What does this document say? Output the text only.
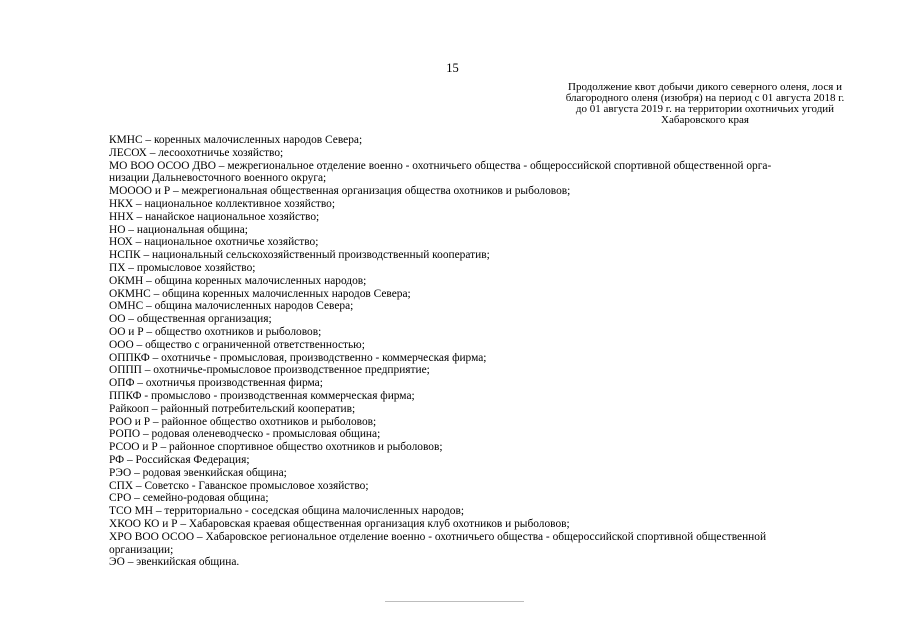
15
Продолжение квот добычи дикого северного оленя, лося и
благородного оленя (изюбря) на период с 01 августа 2018 г.
до 01 августа 2019 г. на территории охотничьих угодий
Хабаровского края
КМНС – коренных малочисленных народов Севера;
ЛЕСОХ – лесоохотничье хозяйство;
МО ВОО ОСОО ДВО – межрегиональное отделение военно - охотничьего общества - общероссийской спортивной общественной орга-
низации Дальневосточного военного округа;
МОООО и Р – межрегиональная общественная организация общества охотников и рыболовов;
НКХ – национальное коллективное хозяйство;
ННХ – нанайское национальное хозяйство;
НО – национальная община;
НОХ – национальное охотничье хозяйство;
НСПК – национальный сельскохозяйственный производственный кооператив;
ПХ – промысловое хозяйство;
ОКМН – община коренных малочисленных народов;
ОКМНС – община коренных малочисленных народов Севера;
ОМНС – община малочисленных народов Севера;
ОО – общественная организация;
ОО и Р – общество охотников и рыболовов;
ООО – общество с ограниченной ответственностью;
ОППКФ – охотничье - промысловая, производственно - коммерческая фирма;
ОППП – охотничье-промысловое производственное предприятие;
ОПФ – охотничья производственная фирма;
ППКФ - промыслово - производственная коммерческая фирма;
Райкооп – районный потребительский кооператив;
РОО и Р – районное общество охотников и рыболовов;
РОПО – родовая оленеводческо - промысловая община;
РСОО и Р – районное спортивное общество охотников и рыболовов;
РФ – Российская Федерация;
РЭО – родовая эвенкийская община;
СПХ – Советско - Гаванское промысловое хозяйство;
СРО – семейно-родовая община;
ТСО МН – территориально - соседская община малочисленных народов;
ХКОО КО и Р – Хабаровская краевая общественная организация клуб охотников и рыболовов;
ХРО ВОО ОСОО – Хабаровское региональное отделение военно - охотничьего общества - общероссийской спортивной общественной
организации;
ЭО – эвенкийская община.
